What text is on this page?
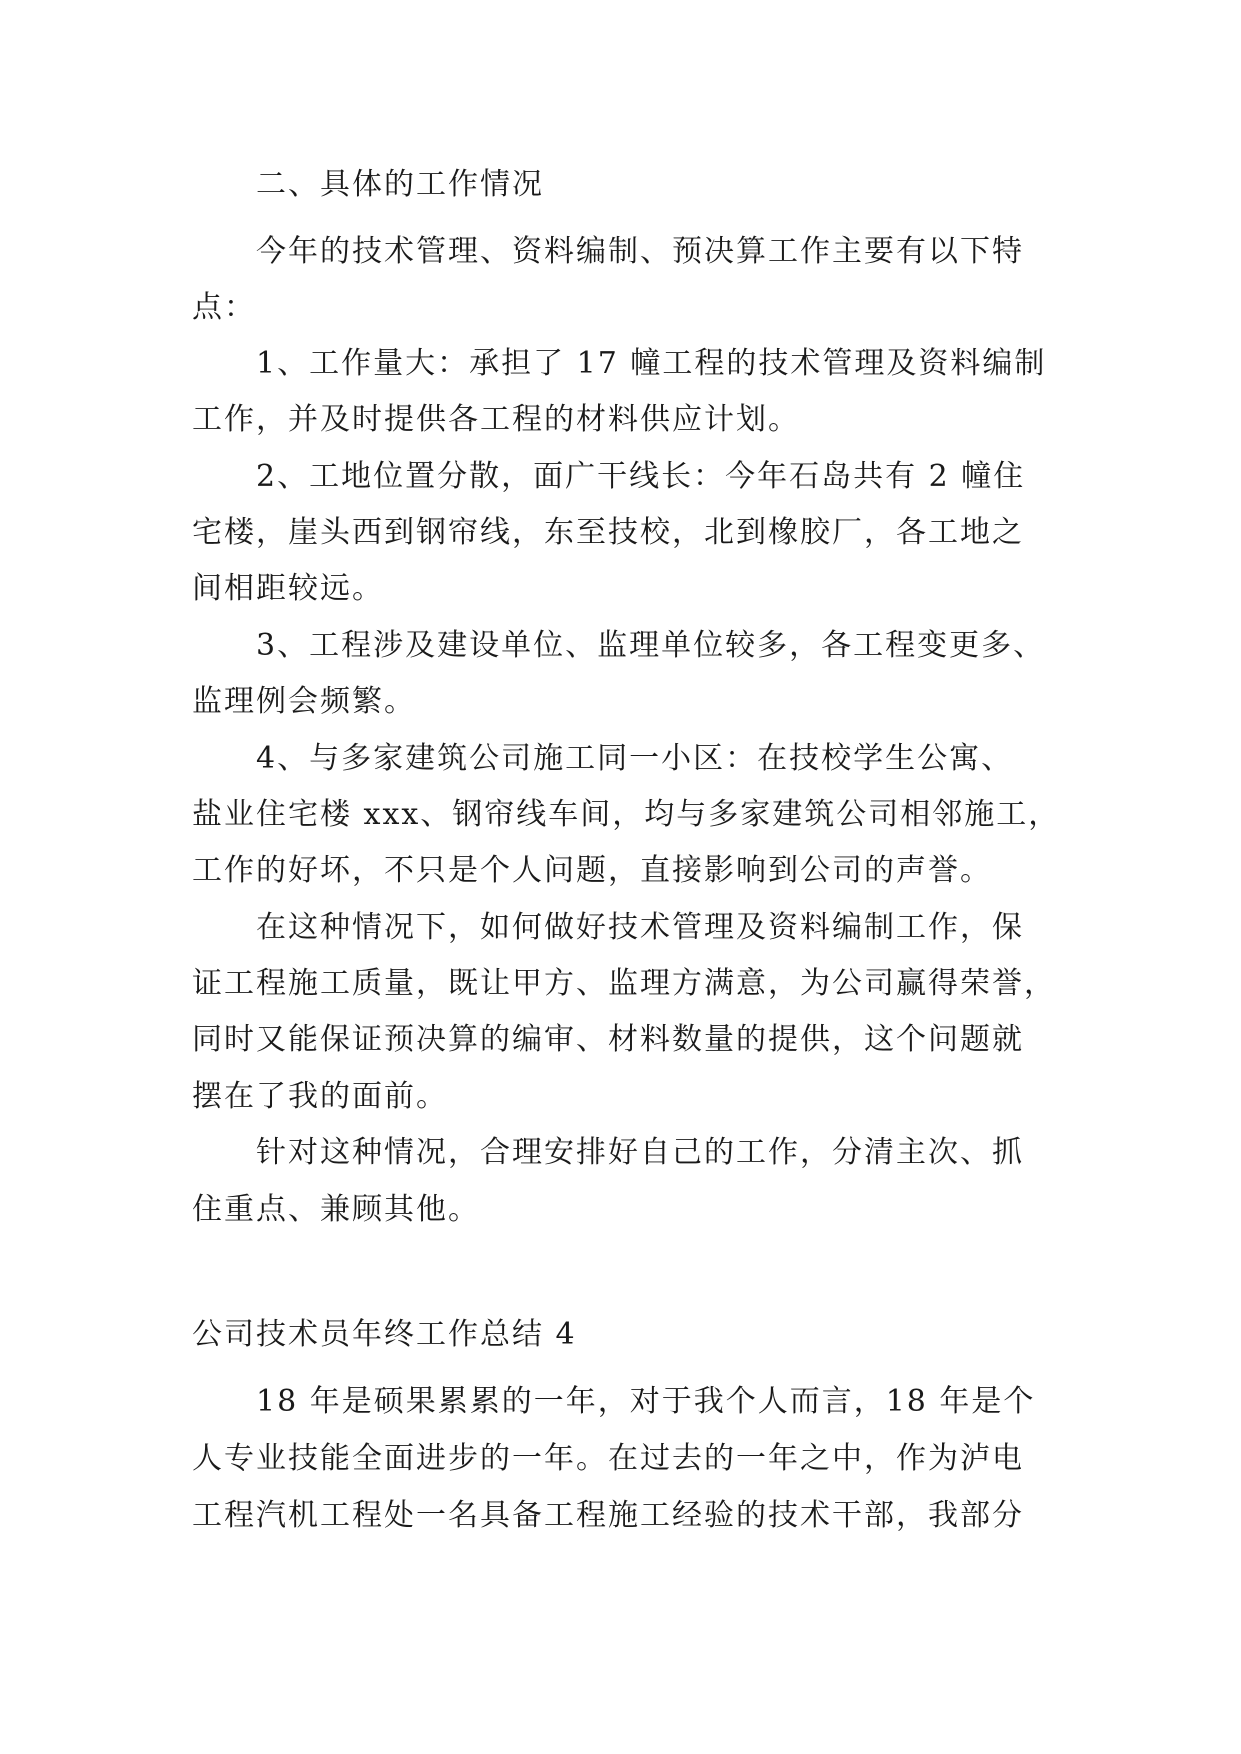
二、具体的工作情况
今年的技术管理、资料编制、预决算工作主要有以下特
点：
1、工作量大：承担了 17 幢工程的技术管理及资料编制
工作，并及时提供各工程的材料供应计划。
2、工地位置分散，面广干线长：今年石岛共有 2 幢住
宅楼，崖头西到钢帘线，东至技校，北到橡胶厂，各工地之
间相距较远。
3、工程涉及建设单位、监理单位较多，各工程变更多、
监理例会频繁。
4、与多家建筑公司施工同一小区：在技校学生公寓、
盐业住宅楼 xxx、钢帘线车间，均与多家建筑公司相邻施工，
工作的好坏，不只是个人问题，直接影响到公司的声誉。
在这种情况下，如何做好技术管理及资料编制工作，保
证工程施工质量，既让甲方、监理方满意，为公司赢得荣誉，
同时又能保证预决算的编审、材料数量的提供，这个问题就
摆在了我的面前。
针对这种情况，合理安排好自己的工作，分清主次、抓
住重点、兼顾其他。
公司技术员年终工作总结 4
18 年是硕果累累的一年，对于我个人而言，18 年是个
人专业技能全面进步的一年。在过去的一年之中，作为泸电
工程汽机工程处一名具备工程施工经验的技术干部，我部分
